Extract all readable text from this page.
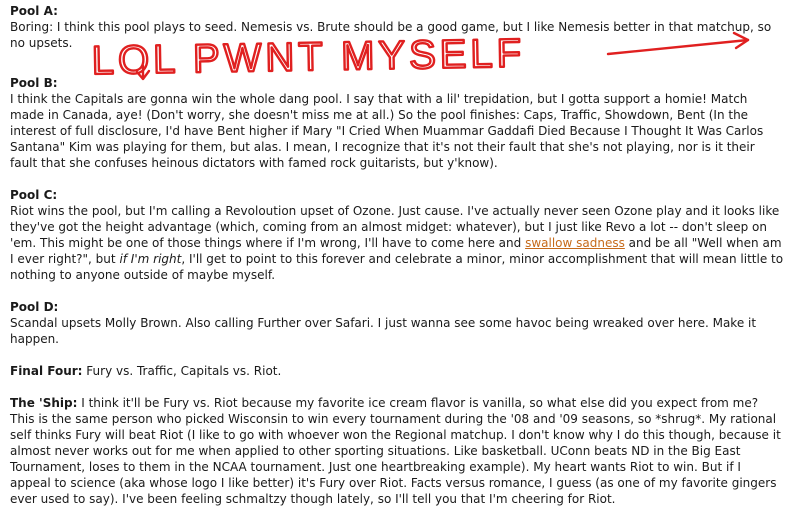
Pool A:

Boring: I think this pool plays to seed. Nemesis vs. Brute should be a good game, but I like Nemesis better in that matchup, so no upsets.

Pool B:

I think the Capitals are gonna win the whole dang pool. I say that with a lil' trepidation, but I gotta support a homie! Match made in Canada, aye! (Don't worry, she doesn't miss me at all.) So the pool finishes: Caps, Traffic, Showdown, Bent (In the interest of full disclosure, I'd have Bent higher if Mary "I Cried When Muammar Gaddafi Died Because I Thought It Was Carlos Santana" Kim was playing for them, but alas. I mean, I recognize that it's not their fault that she's not playing, nor is it their fault that she confuses heinous dictators with famed rock guitarists, but y'know).

Pool C:

Riot wins the pool, but I'm calling a Revoloution upset of Ozone. Just cause. I've actually never seen Ozone play and it looks like they've got the height advantage (which, coming from an almost midget: whatever), but I just like Revo a lot -- don't sleep on 'em. This might be one of those things where if I'm wrong, I'll have to come here and swallow sadness and be all "Well when am I ever right?", but if I'm right, I'll get to point to this forever and celebrate a minor, minor accomplishment that will mean little to nothing to anyone outside of maybe myself.

Pool D:

Scandal upsets Molly Brown. Also calling Further over Safari. I just wanna see some havoc being wreaked over here. Make it happen.

Final Four: Fury vs. Traffic, Capitals vs. Riot.

The 'Ship: I think it'll be Fury vs. Riot because my favorite ice cream flavor is vanilla, so what else did you expect from me? This is the same person who picked Wisconsin to win every tournament during the '08 and '09 seasons, so *shrug*. My rational self thinks Fury will beat Riot (I like to go with whoever won the Regional matchup. I don't know why I do this though, because it almost never works out for me when applied to other sporting situations. Like basketball. UConn beats ND in the Big East Tournament, loses to them in the NCAA tournament. Just one heartbreaking example). My heart wants Riot to win. But if I appeal to science (aka whose logo I like better) it's Fury over Riot. Facts versus romance, I guess (as one of my favorite gingers ever used to say). I've been feeling schmaltzy though lately, so I'll tell you that I'm cheering for Riot.

LOL PWNT MYSELF
